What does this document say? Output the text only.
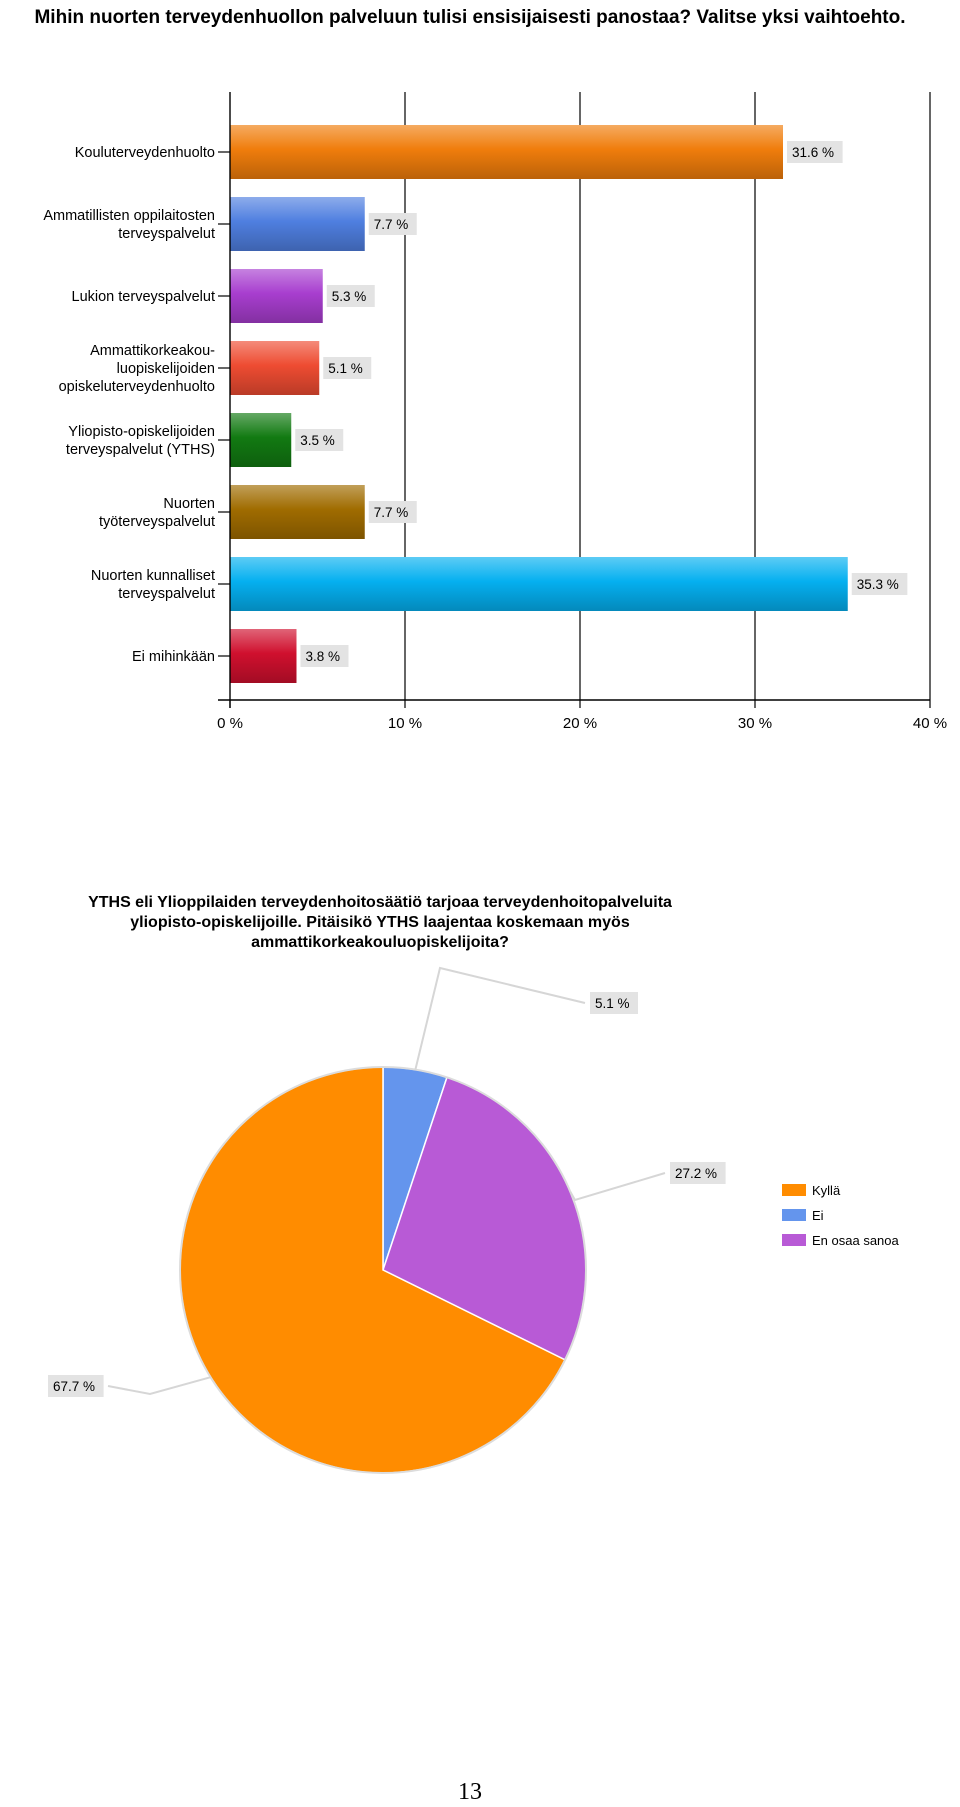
Mihin nuorten terveydenhuollon palveluun tulisi ensisijaisesti panostaa? Valitse yksi vaihtoehto.
31.6 %
7.7 %
5.3 %
5.1 %
3.5 %
7.7 %
35.3 %
3.8 %
0 %	10 %	20 %	30 %	40 %
Kouluterveydenhuolto
Ammatillisten oppilaitosten
terveyspalvelut
Lukion terveyspalvelut
Ammattikorkeakou-
luopiskelijoiden
opiskeluterveydenhuolto
Yliopisto-opiskelijoiden
terveyspalvelut (YTHS)
Nuorten
työterveyspalvelut
Nuorten kunnalliset
terveyspalvelut
Ei mihinkään
YTHS eli Ylioppilaiden terveydenhoitosäätiö tarjoaa terveydenhoitopalveluita
yliopisto-opiskelijoille. Pitäisikö YTHS laajentaa koskemaan myös
ammattikorkeakouluopiskelijoita?
5.1 %
27.2 %
67.7 %
Kyllä
Ei
En osaa sanoa
13
